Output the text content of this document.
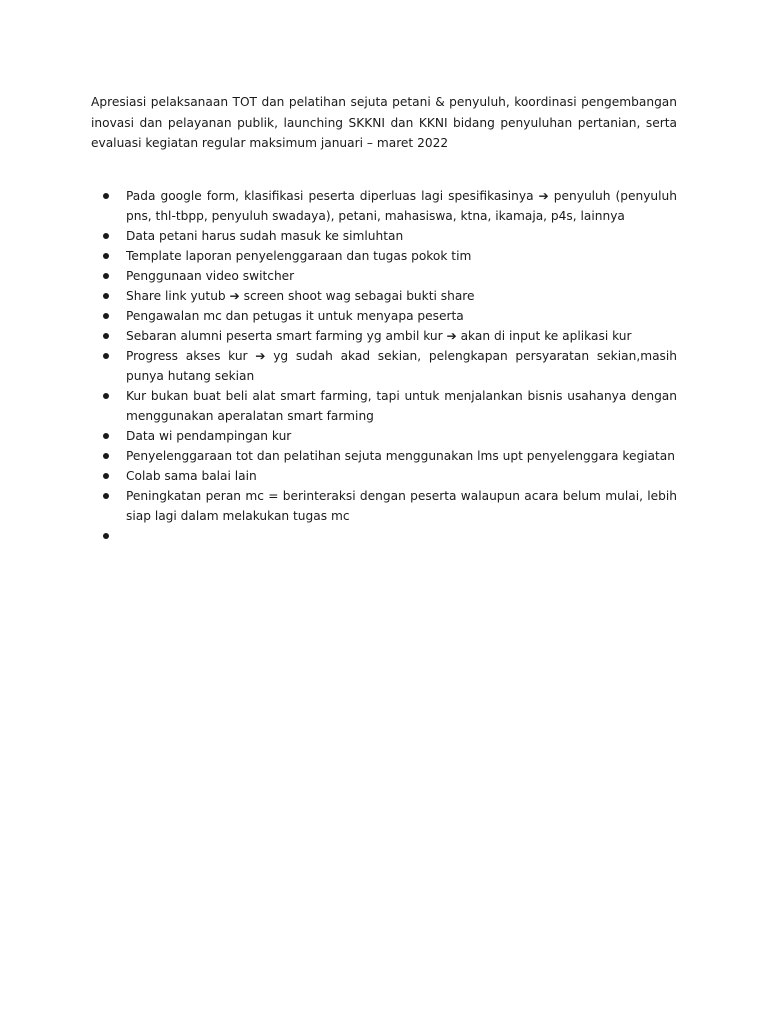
Apresiasi pelaksanaan TOT dan pelatihan sejuta petani & penyuluh, koordinasi pengembangan inovasi dan pelayanan publik, launching SKKNI dan KKNI bidang penyuluhan pertanian, serta evaluasi kegiatan regular maksimum januari – maret 2022

Pada google form, klasifikasi peserta diperluas lagi spesifikasinya ➔ penyuluh (penyuluh pns, thl-tbpp, penyuluh swadaya), petani, mahasiswa, ktna, ikamaja, p4s, lainnya
Data petani harus sudah masuk ke simluhtan
Template laporan penyelenggaraan dan tugas pokok tim
Penggunaan video switcher
Share link yutub ➔ screen shoot wag sebagai bukti share
Pengawalan mc dan petugas it untuk menyapa peserta
Sebaran alumni peserta smart farming yg ambil kur ➔ akan di input ke aplikasi kur
Progress akses kur ➔ yg sudah akad sekian, pelengkapan persyaratan sekian,masih punya hutang sekian
Kur bukan buat beli alat smart farming, tapi untuk menjalankan bisnis usahanya dengan menggunakan aperalatan smart farming
Data wi pendampingan kur
Penyelenggaraan tot dan pelatihan sejuta menggunakan lms upt penyelenggara kegiatan
Colab sama balai lain
Peningkatan peran mc = berinteraksi dengan peserta walaupun acara belum mulai, lebih siap lagi dalam melakukan tugas mc
